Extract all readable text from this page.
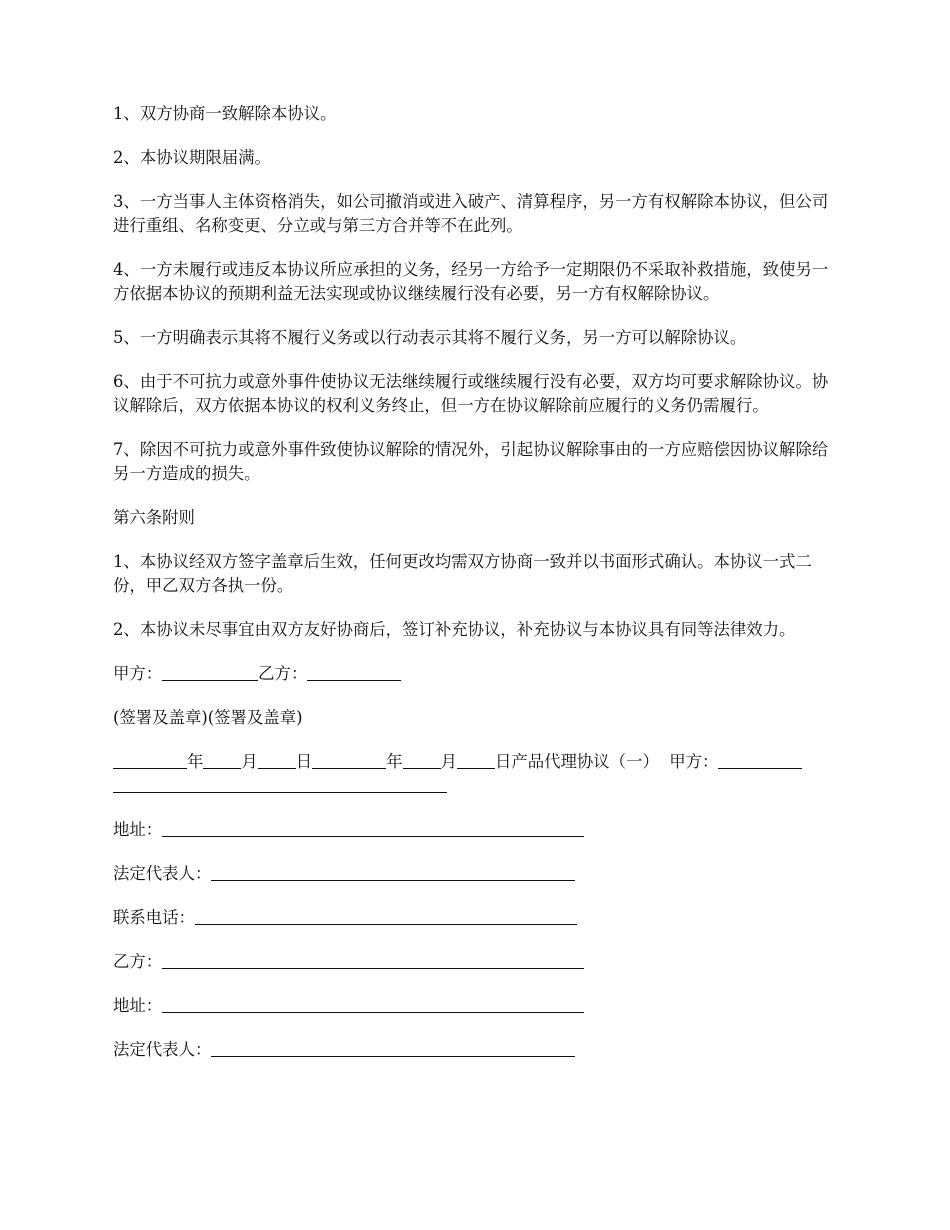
1、双方协商一致解除本协议。

2、本协议期限届满。

3、一方当事人主体资格消失，如公司撤消或进入破产、清算程序，另一方有权解除本协议，但公司进行重组、名称变更、分立或与第三方合并等不在此列。

4、一方未履行或违反本协议所应承担的义务，经另一方给予一定期限仍不采取补救措施，致使另一方依据本协议的预期利益无法实现或协议继续履行没有必要，另一方有权解除协议。

5、一方明确表示其将不履行义务或以行动表示其将不履行义务，另一方可以解除协议。

6、由于不可抗力或意外事件使协议无法继续履行或继续履行没有必要，双方均可要求解除协议。协议解除后，双方依据本协议的权利义务终止，但一方在协议解除前应履行的义务仍需履行。

7、除因不可抗力或意外事件致使协议解除的情况外，引起协议解除事由的一方应赔偿因协议解除给另一方造成的损失。

第六条附则

1、本协议经双方签字盖章后生效，任何更改均需双方协商一致并以书面形式确认。本协议一式二份，甲乙双方各执一份。

2、本协议未尽事宜由双方友好协商后，签订补充协议，补充协议与本协议具有同等法律效力。

甲方：	乙方：

(签署及盖章)(签署及盖章)

年 月 日	年 月 日产品代理协议（一） 甲方：

地址：

法定代表人：

联系电话：

乙方：

地址：

法定代表人：
